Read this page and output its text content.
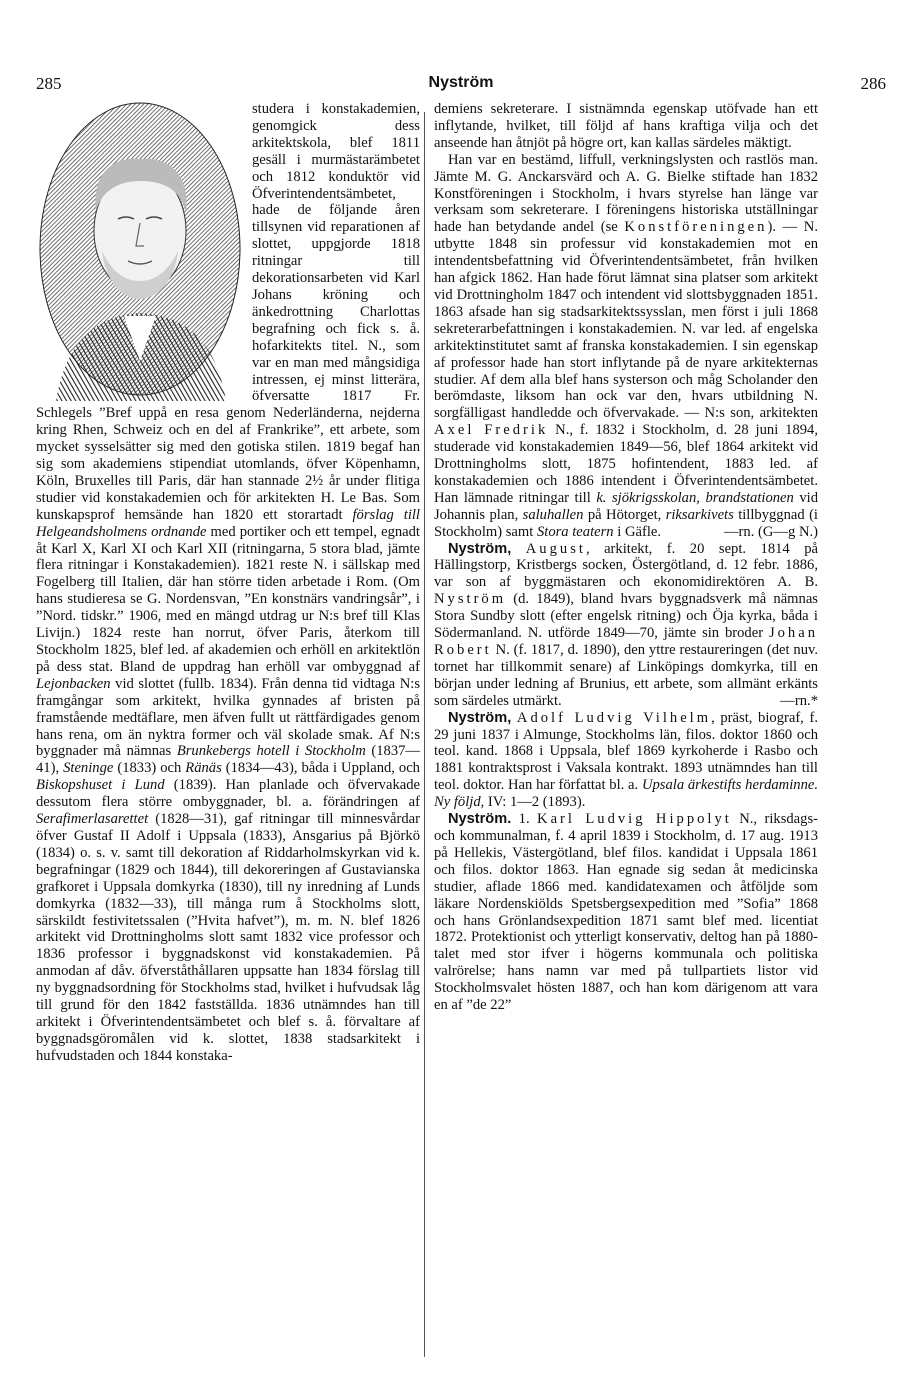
285	Nyström	286

studera i konstakademien, genomgick dess arkitektskola, blef 1811 gesäll i murmästarämbetet och 1812 konduktör vid Öfverintendentsämbetet, hade de följande åren tillsynen vid reparationen af slottet, uppgjorde 1818 ritningar till dekorationsarbeten vid Karl Johans kröning och änkedrottning Charlottas begrafning och fick s. å. hofarkitekts titel. N., som var en man med mångsidiga intressen, ej minst litterära, öfversatte 1817 Fr. Schlegels ”Bref uppå en resa genom Nederländerna, nejderna kring Rhen, Schweiz och en del af Frankrike”, ett arbete, som mycket sysselsätter sig med den gotiska stilen. 1819 begaf han sig som akademiens stipendiat utomlands, öfver Köpenhamn, Köln, Bruxelles till Paris, där han stannade 2½ år under flitiga studier vid konstakademien och för arkitekten H. Le Bas. Som kunskapsprof hemsände han 1820 ett storartadt förslag till Helgeandsholmens ordnande med portiker och ett tempel, egnadt åt Karl X, Karl XI och Karl XII (ritningarna, 5 stora blad, jämte flera ritningar i Konstakademien). 1821 reste N. i sällskap med Fogelberg till Italien, där han större tiden arbetade i Rom. (Om hans studieresa se G. Nordensvan, ”En konstnärs vandringsår”, i ”Nord. tidskr.” 1906, med en mängd utdrag ur N:s bref till Klas Livijn.) 1824 reste han norrut, öfver Paris, återkom till Stockholm 1825, blef led. af akademien och erhöll en arkitektlön på dess stat. Bland de uppdrag han erhöll var ombyggnad af Lejonbacken vid slottet (fullb. 1834). Från denna tid vidtaga N:s framgångar som arkitekt, hvilka gynnades af bristen på framstående medtäflare, men äfven fullt ut rättfärdigades genom hans rena, om än nyktra former och väl skolade smak. Af N:s byggnader må nämnas Brunkebergs hotell i Stockholm (1837—41), Steninge (1833) och Ränäs (1834—43), båda i Uppland, och Biskopshuset i Lund (1839). Han planlade och öfvervakade dessutom flera större ombyggnader, bl. a. förändringen af Serafimerlasarettet (1828—31), gaf ritningar till minnesvårdar öfver Gustaf II Adolf i Uppsala (1833), Ansgarius på Björkö (1834) o. s. v. samt till dekoration af Riddarholmskyrkan vid k. begrafningar (1829 och 1844), till dekoreringen af Gustavianska grafkoret i Uppsala domkyrka (1830), till ny inredning af Lunds domkyrka (1832—33), till många rum å Stockholms slott, särskildt festivitetssalen (”Hvita hafvet”), m. m. N. blef 1826 arkitekt vid Drottningholms slott samt 1832 vice professor och 1836 professor i byggnadskonst vid konstakademien. På anmodan af dåv. öfverståthållaren uppsatte han 1834 förslag till ny byggnadsordning för Stockholms stad, hvilket i hufvudsak låg till grund för den 1842 fastställda. 1836 utnämndes han till arkitekt i Öfverintendentsämbetet och blef s. å. förvaltare af byggnadsgöromålen vid k. slottet, 1838 stadsarkitekt i hufvudstaden och 1844 konstaka-

demiens sekreterare. I sistnämnda egenskap utöfvade han ett inflytande, hvilket, till följd af hans kraftiga vilja och det anseende han åtnjöt på högre ort, kan kallas särdeles mäktigt.

Han var en bestämd, liffull, verkningslysten och rastlös man. Jämte M. G. Anckarsvärd och A. G. Bielke stiftade han 1832 Konstföreningen i Stockholm, i hvars styrelse han länge var verksam som sekreterare. I föreningens historiska utställningar hade han betydande andel (se Konstföreningen). — N. utbytte 1848 sin professur vid konstakademien mot en intendentsbefattning vid Öfverintendentsämbetet, från hvilken han afgick 1862. Han hade förut lämnat sina platser som arkitekt vid Drottningholm 1847 och intendent vid slottsbyggnaden 1851. 1863 afsade han sig stadsarkitektssysslan, men först i juli 1868 sekreterarbefattningen i konstakademien. N. var led. af engelska arkitektinstitutet samt af franska konstakademien. I sin egenskap af professor hade han stort inflytande på de nyare arkitekternas studier. Af dem alla blef hans systerson och måg Scholander den berömdaste, liksom han ock var den, hvars utbildning N. sorgfälligast handledde och öfvervakade. — N:s son, arkitekten Axel Fredrik N., f. 1832 i Stockholm, d. 28 juni 1894, studerade vid konstakademien 1849—56, blef 1864 arkitekt vid Drottningholms slott, 1875 hofintendent, 1883 led. af konstakademien och 1886 intendent i Öfverintendentsämbetet. Han lämnade ritningar till k. sjökrigsskolan, brandstationen vid Johannis plan, saluhallen på Hötorget, riksarkivets tillbyggnad (i Stockholm) samt Stora teatern i Gäfle.	—rn. (G—g N.)

Nyström, August, arkitekt, f. 20 sept. 1814 på Hällingstorp, Kristbergs socken, Östergötland, d. 12 febr. 1886, var son af byggmästaren och ekonomidirektören A. B. Nyström (d. 1849), bland hvars byggnadsverk må nämnas Stora Sundby slott (efter engelsk ritning) och Öja kyrka, båda i Södermanland. N. utförde 1849—70, jämte sin broder Johan Robert N. (f. 1817, d. 1890), den yttre restaureringen (det nuv. tornet har tillkommit senare) af Linköpings domkyrka, till en början under ledning af Brunius, ett arbete, som allmänt erkänts som särdeles utmärkt.	—rn.*

Nyström, Adolf Ludvig Vilhelm, präst, biograf, f. 29 juni 1837 i Almunge, Stockholms län, filos. doktor 1860 och teol. kand. 1868 i Uppsala, blef 1869 kyrkoherde i Rasbo och 1881 kontraktsprost i Vaksala kontrakt. 1893 utnämndes han till teol. doktor. Han har författat bl. a. Upsala ärkestifts herdaminne. Ny följd, IV: 1—2 (1893).

Nyström. 1. Karl Ludvig Hippolyt N., riksdags- och kommunalman, f. 4 april 1839 i Stockholm, d. 17 aug. 1913 på Hellekis, Västergötland, blef filos. kandidat i Uppsala 1861 och filos. doktor 1863. Han egnade sig sedan åt medicinska studier, aflade 1866 med. kandidatexamen och åtföljde som läkare Nordenskiölds Spetsbergsexpedition med ”Sofia” 1868 och hans Grönlandsexpedition 1871 samt blef med. licentiat 1872. Protektionist och ytterligt konservativ, deltog han på 1880-talet med stor ifver i högerns kommunala och politiska valrörelse; hans namn var med på tullpartiets listor vid Stockholmsvalet hösten 1887, och han kom därigenom att vara en af ”de 22”
